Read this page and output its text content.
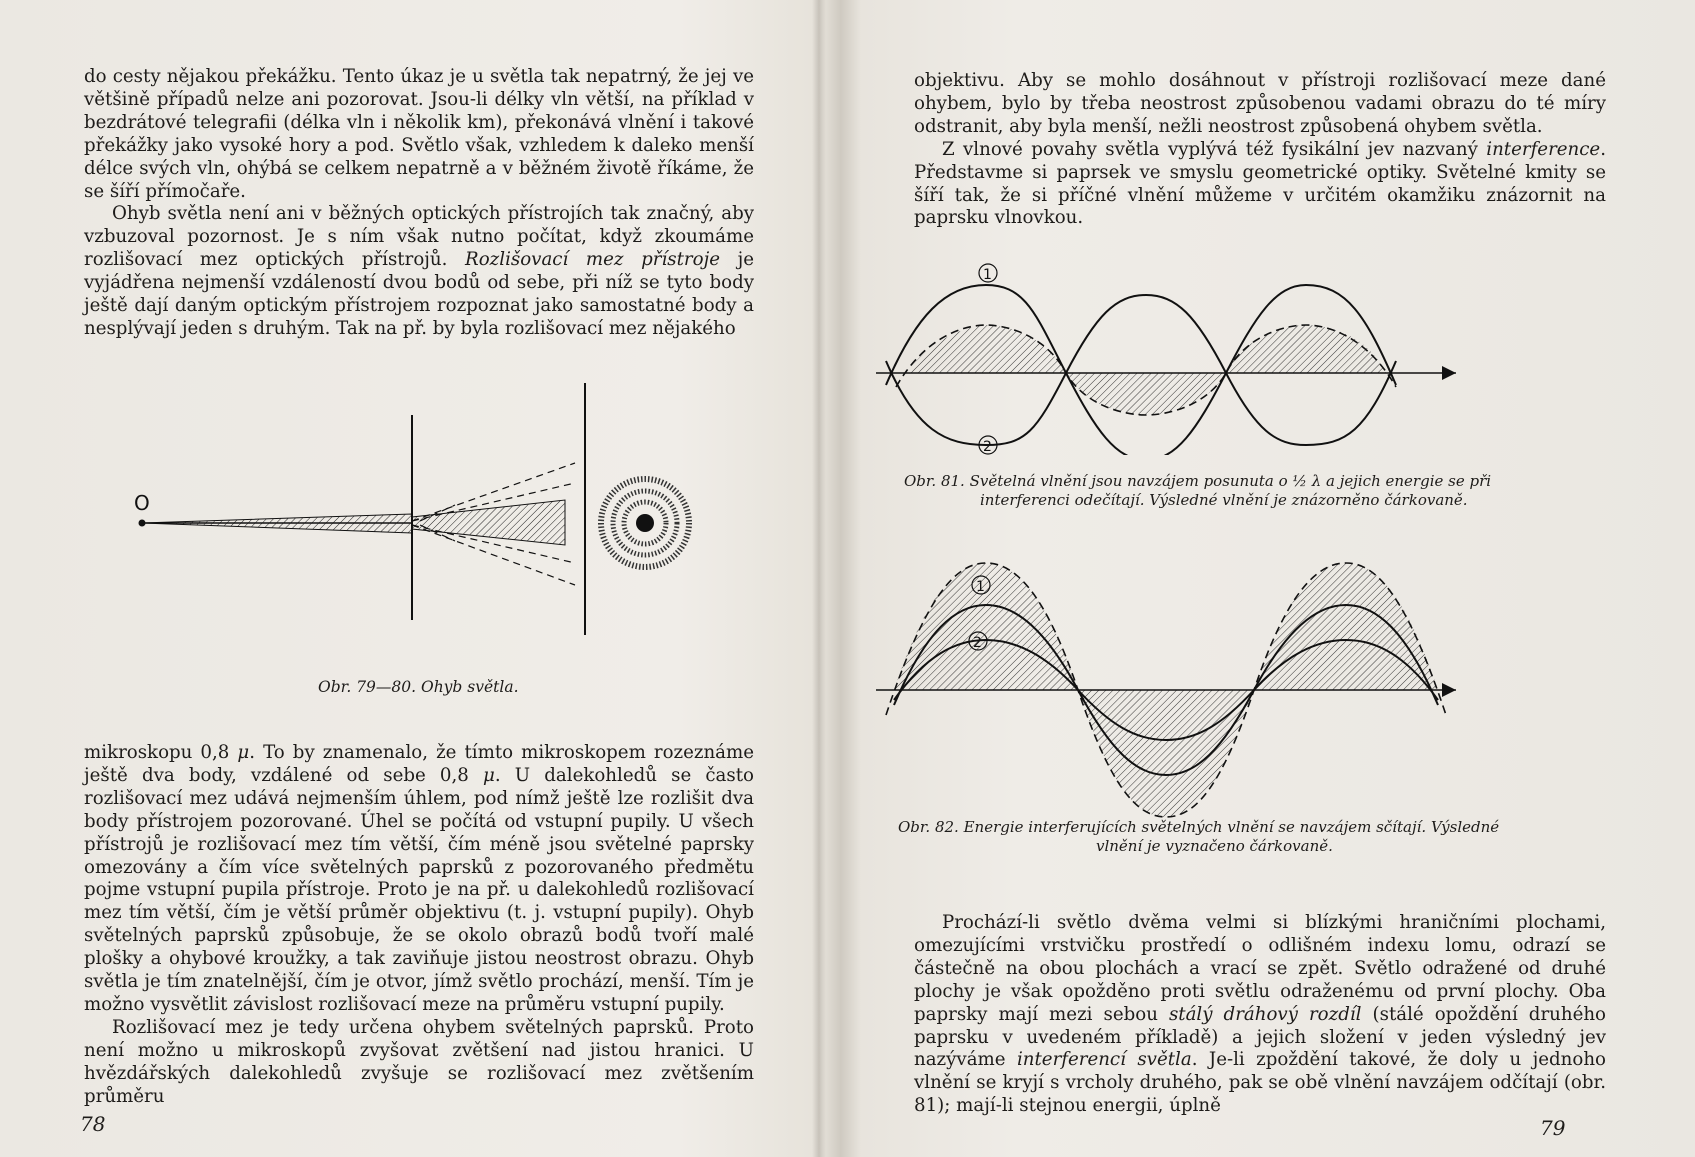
do cesty nějakou překážku. Tento úkaz je u světla tak nepatrný, že jej ve většině případů nelze ani pozorovat. Jsou-li délky vln větší, na příklad v bezdrátové telegrafii (délka vln i několik km), překonává vlnění i takové překážky jako vysoké hory a pod. Světlo však, vzhledem k daleko menší délce svých vln, ohýbá se celkem nepatrně a v běžném životě říkáme, že se šíří přímočaře.

Ohyb světla není ani v běžných optických přístrojích tak značný, aby vzbuzoval pozornost. Je s ním však nutno počítat, když zkoumáme rozlišovací mez optických přístrojů. Rozlišovací mez přístroje je vyjádřena nejmenší vzdáleností dvou bodů od sebe, při níž se tyto body ještě dají daným optickým přístrojem rozpoznat jako samostatné body a nesplývají jeden s druhým. Tak na př. by byla rozlišovací mez nějakého

O
Obr. 79—80. Ohyb světla.

mikroskopu 0,8 μ. To by znamenalo, že tímto mikroskopem rozeznáme ještě dva body, vzdálené od sebe 0,8 μ. U dalekohledů se často rozlišovací mez udává nejmenším úhlem, pod nímž ještě lze rozlišit dva body přístrojem pozorované. Úhel se počítá od vstupní pupily. U všech přístrojů je rozlišovací mez tím větší, čím méně jsou světelné paprsky omezovány a čím více světelných paprsků z pozorovaného předmětu pojme vstupní pupila přístroje. Proto je na př. u dalekohledů rozlišovací mez tím větší, čím je větší průměr objektivu (t. j. vstupní pupily). Ohyb světelných paprsků způsobuje, že se okolo obrazů bodů tvoří malé plošky a ohybové kroužky, a tak zaviňuje jistou neostrost obrazu. Ohyb světla je tím znatelnější, čím je otvor, jímž světlo prochází, menší. Tím je možno vysvětlit závislost rozlišovací meze na průměru vstupní pupily.

Rozlišovací mez je tedy určena ohybem světelných paprsků. Proto není možno u mikroskopů zvyšovat zvětšení nad jistou hranici. U hvězdářských dalekohledů zvyšuje se rozlišovací mez zvětšením průměru

78

objektivu. Aby se mohlo dosáhnout v přístroji rozlišovací meze dané ohybem, bylo by třeba neostrost způsobenou vadami obrazu do té míry odstranit, aby byla menší, nežli neostrost způsobená ohybem světla.

Z vlnové povahy světla vyplývá též fysikální jev nazvaný interference. Představme si paprsek ve smyslu geometrické optiky. Světelné kmity se šíří tak, že si příčné vlnění můžeme v určitém okamžiku znázornit na paprsku vlnovkou.

1
2
Obr. 81. Světelná vlnění jsou navzájem posunuta o ½ λ a jejich energie se při
interferenci odečítají. Výsledné vlnění je znázorněno čárkovaně.
1
2
Obr. 82. Energie interferujících světelných vlnění se navzájem sčítají. Výsledné
vlnění je vyznačeno čárkovaně.

Prochází-li světlo dvěma velmi si blízkými hraničními plochami, omezujícími vrstvičku prostředí o odlišném indexu lomu, odrazí se částečně na obou plochách a vrací se zpět. Světlo odražené od druhé plochy je však opožděno proti světlu odraženému od první plochy. Oba paprsky mají mezi sebou stálý dráhový rozdíl (stálé opoždění druhého paprsku v uvedeném příkladě) a jejich složení v jeden výsledný jev nazýváme interferencí světla. Je-li zpoždění takové, že doly u jednoho vlnění se kryjí s vrcholy druhého, pak se obě vlnění navzájem odčítají (obr. 81); mají-li stejnou energii, úplně

79
